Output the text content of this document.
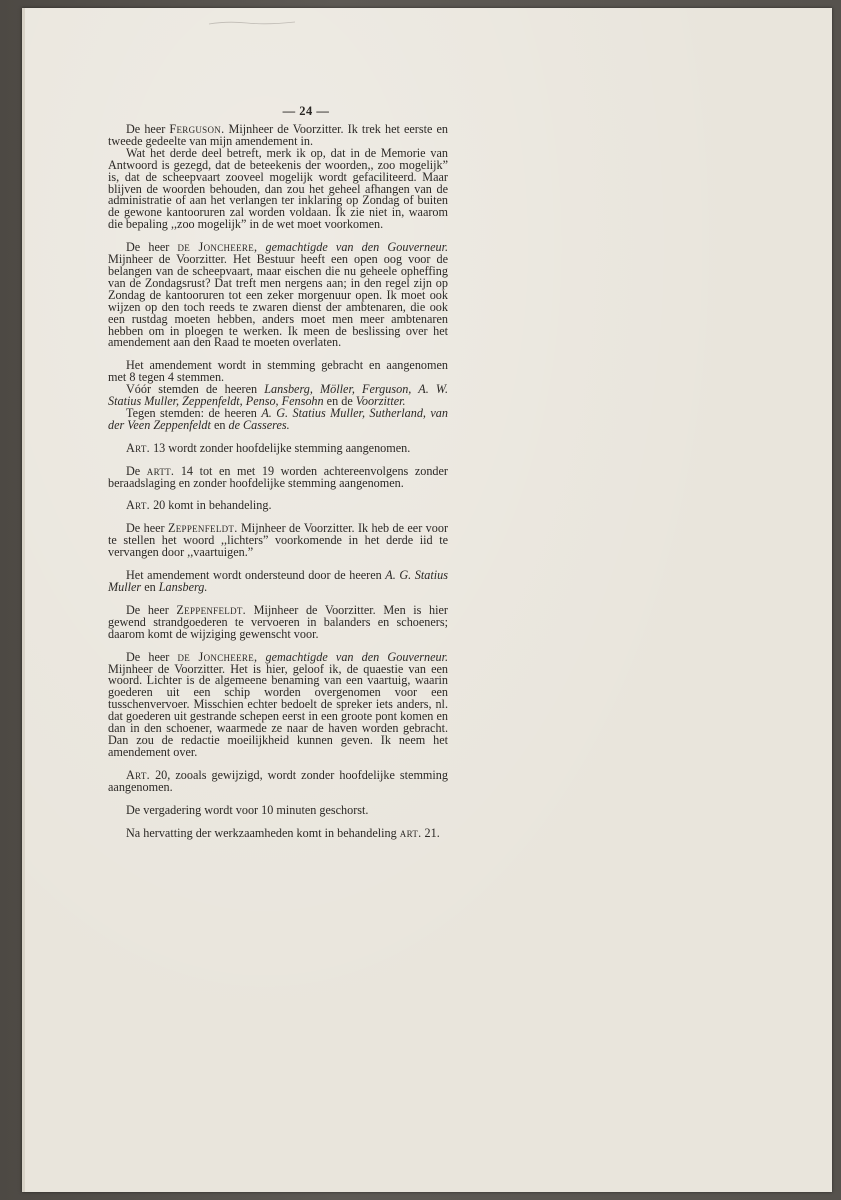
— 24 —

De heer Ferguson. Mijnheer de Voorzitter. Ik trek het eerste en tweede gedeelte van mijn amendement in.

Wat het derde deel betreft, merk ik op, dat in de Memorie van Antwoord is gezegd, dat de beteekenis der woorden,, zoo mogelijk” is, dat de scheepvaart zooveel mogelijk wordt gefaciliteerd. Maar blijven de woorden behouden, dan zou het geheel afhangen van de administratie of aan het verlangen ter inklaring op Zondag of buiten de gewone kantooruren zal worden voldaan. Ik zie niet in, waarom die bepaling ,,zoo mogelijk” in de wet moet voorkomen.

De heer de Joncheere, gemachtigde van den Gouverneur. Mijnheer de Voorzitter. Het Bestuur heeft een open oog voor de belangen van de scheepvaart, maar eischen die nu geheele opheffing van de Zondagsrust? Dat treft men nergens aan; in den regel zijn op Zondag de kantooruren tot een zeker morgenuur open. Ik moet ook wijzen op den toch reeds te zwaren dienst der ambtenaren, die ook een rustdag moeten hebben, anders moet men meer ambtenaren hebben om in ploegen te werken. Ik meen de beslissing over het amendement aan den Raad te moeten overlaten.

Het amendement wordt in stemming gebracht en aangenomen met 8 tegen 4 stemmen.

Vóór stemden de heeren Lansberg, Möller, Ferguson, A. W. Statius Muller, Zeppenfeldt, Penso, Fensohn en de Voorzitter.

Tegen stemden: de heeren A. G. Statius Muller, Sutherland, van der Veen Zeppenfeldt en de Casseres.

Art. 13 wordt zonder hoofdelijke stemming aangenomen.

De artt. 14 tot en met 19 worden achtereenvolgens zonder beraadslaging en zonder hoofdelijke stemming aangenomen.

Art. 20 komt in behandeling.

De heer Zeppenfeldt. Mijnheer de Voorzitter. Ik heb de eer voor te stellen het woord ,,lichters” voorkomende in het derde iid te vervangen door ,,vaartuigen.”

Het amendement wordt ondersteund door de heeren A. G. Statius Muller en Lansberg.

De heer Zeppenfeldt. Mijnheer de Voorzitter. Men is hier gewend strandgoederen te vervoeren in balanders en schoeners; daarom komt de wijziging gewenscht voor.

De heer de Joncheere, gemachtigde van den Gouverneur. Mijnheer de Voorzitter. Het is hier, geloof ik, de quaestie van een woord. Lichter is de algemeene benaming van een vaartuig, waarin goederen uit een schip worden overgenomen voor een tusschenvervoer. Misschien echter bedoelt de spreker iets anders, nl. dat goederen uit gestrande schepen eerst in een groote pont komen en dan in den schoener, waarmede ze naar de haven worden gebracht. Dan zou de redactie moeilijkheid kunnen geven. Ik neem het amendement over.

Art. 20, zooals gewijzigd, wordt zonder hoofdelijke stemming aangenomen.

De vergadering wordt voor 10 minuten geschorst.

Na hervatting der werkzaamheden komt in behandeling art. 21.
